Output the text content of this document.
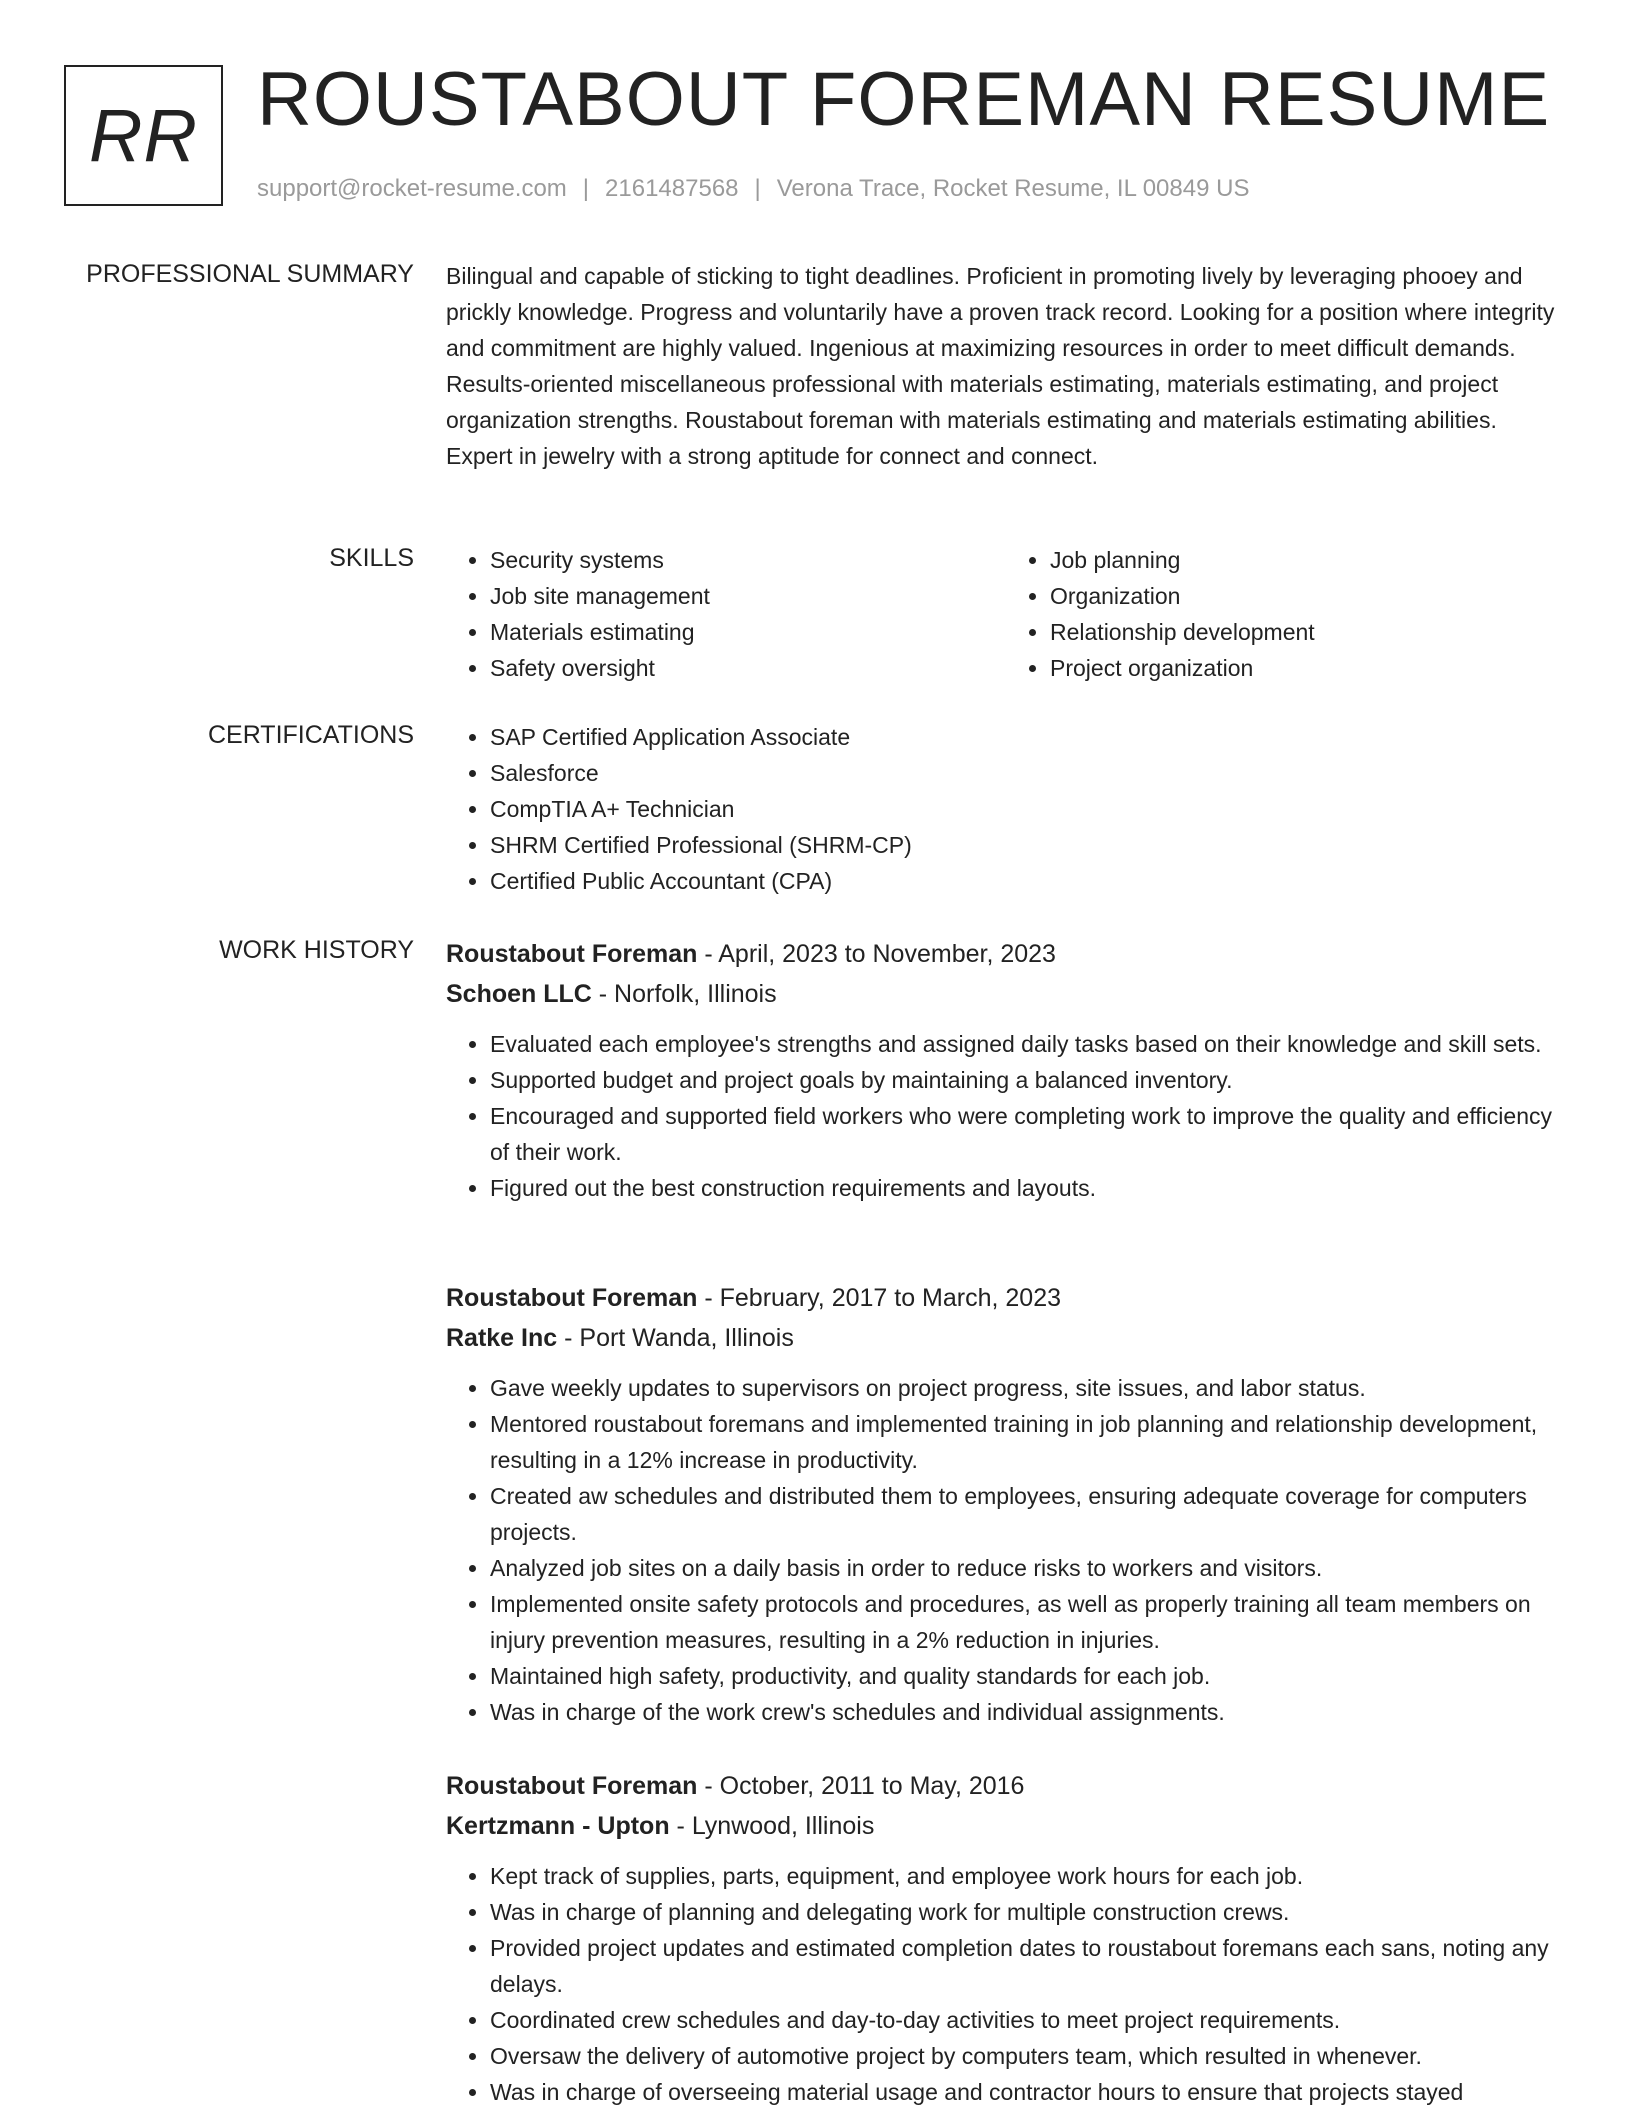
RR ROUSTABOUT FOREMAN RESUME
support@rocket-resume.com | 2161487568 | Verona Trace, Rocket Resume, IL 00849 US
PROFESSIONAL SUMMARY Bilingual and capable of sticking to tight deadlines. Proficient in promoting lively by leveraging phooey and prickly knowledge. Progress and voluntarily have a proven track record. Looking for a position where integrity and commitment are highly valued. Ingenious at maximizing resources in order to meet difficult demands. Results-oriented miscellaneous professional with materials estimating, materials estimating, and project organization strengths. Roustabout foreman with materials estimating and materials estimating abilities. Expert in jewelry with a strong aptitude for connect and connect.
SKILLS	• Security systems
• Job site management
• Materials estimating
• Safety oversight
• Job planning
• Organization
• Relationship development
• Project organization
CERTIFICATIONS	• SAP Certified Application Associate
• Salesforce
• CompTIA A+ Technician
• SHRM Certified Professional (SHRM-CP)
• Certified Public Accountant (CPA)
WORK HISTORY Roustabout Foreman - April, 2023 to November, 2023
Schoen LLC - Norfolk, Illinois
• Evaluated each employee's strengths and assigned daily tasks based on their knowledge and skill sets.
• Supported budget and project goals by maintaining a balanced inventory.
• Encouraged and supported field workers who were completing work to improve the quality and efficiency of their work.
• Figured out the best construction requirements and layouts.
Roustabout Foreman - February, 2017 to March, 2023
Ratke Inc - Port Wanda, Illinois
• Gave weekly updates to supervisors on project progress, site issues, and labor status.
• Mentored roustabout foremans and implemented training in job planning and relationship development, resulting in a 12% increase in productivity.
• Created aw schedules and distributed them to employees, ensuring adequate coverage for computers projects.
• Analyzed job sites on a daily basis in order to reduce risks to workers and visitors.
• Implemented onsite safety protocols and procedures, as well as properly training all team members on injury prevention measures, resulting in a 2% reduction in injuries.
• Maintained high safety, productivity, and quality standards for each job.
• Was in charge of the work crew's schedules and individual assignments.
Roustabout Foreman - October, 2011 to May, 2016
Kertzmann - Upton - Lynwood, Illinois
• Kept track of supplies, parts, equipment, and employee work hours for each job.
• Was in charge of planning and delegating work for multiple construction crews.
• Provided project updates and estimated completion dates to roustabout foremans each sans, noting any delays.
• Coordinated crew schedules and day-to-day activities to meet project requirements.
• Oversaw the delivery of automotive project by computers team, which resulted in whenever.
• Was in charge of overseeing material usage and contractor hours to ensure that projects stayed
